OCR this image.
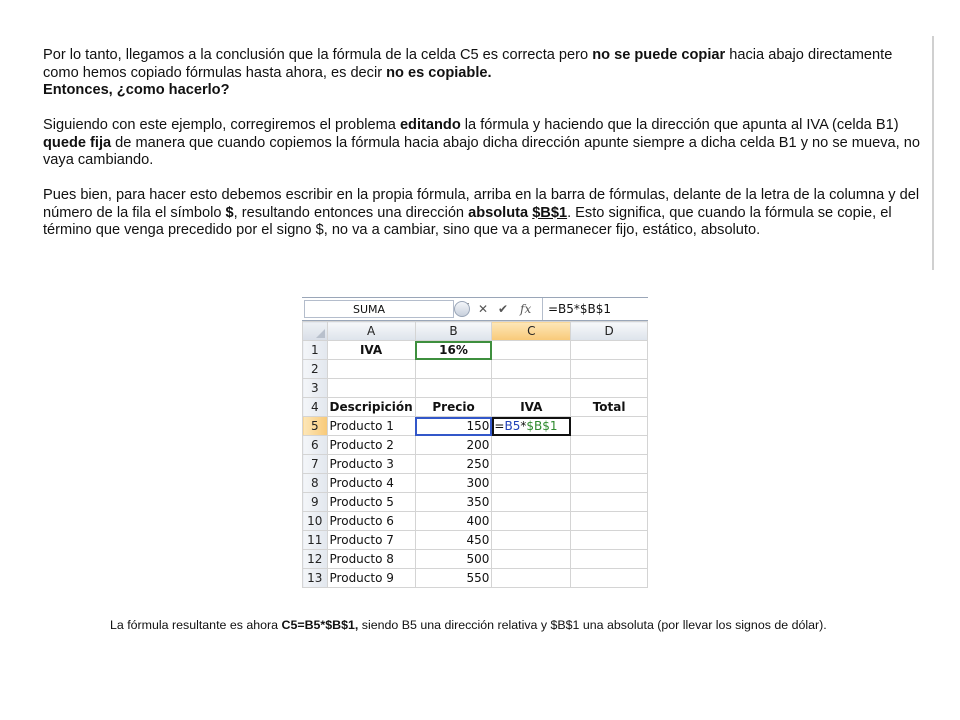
Por lo tanto, llegamos a la conclusión que la fórmula de la celda C5 es correcta pero no se puede copiar hacia abajo directamente como hemos copiado fórmulas hasta ahora, es decir no es copiable.
Entonces, ¿como hacerlo?

Siguiendo con este ejemplo, corregiremos el problema editando la fórmula y haciendo que la dirección que apunta al IVA (celda B1) quede fija de manera que cuando copiemos la fórmula hacia abajo dicha dirección apunte siempre a dicha celda B1 y no se mueva, no vaya cambiando.

Pues bien, para hacer esto debemos escribir en la propia fórmula, arriba en la barra de fórmulas, delante de la letra de la columna y del número de la fila el símbolo $, resultando entonces una dirección absoluta $B$1. Esto significa, que cuando la fórmula se copie, el término que venga precedido por el signo $, no va a cambiar, sino que va a permanecer fijo, estático, absoluto.

SUMA	✕ ✔ fx	=B5*$B$1
	A	B	C	D
1	IVA	16%		
2				
3				
4	Descripición	Precio	IVA	Total
5	Producto 1	150	=B5*$B$1	
6	Producto 2	200		
7	Producto 3	250		
8	Producto 4	300		
9	Producto 5	350		
10	Producto 6	400		
11	Producto 7	450		
12	Producto 8	500		
13	Producto 9	550		

La fórmula resultante es ahora C5=B5*$B$1, siendo B5 una dirección relativa y $B$1 una absoluta (por llevar los signos de dólar).
